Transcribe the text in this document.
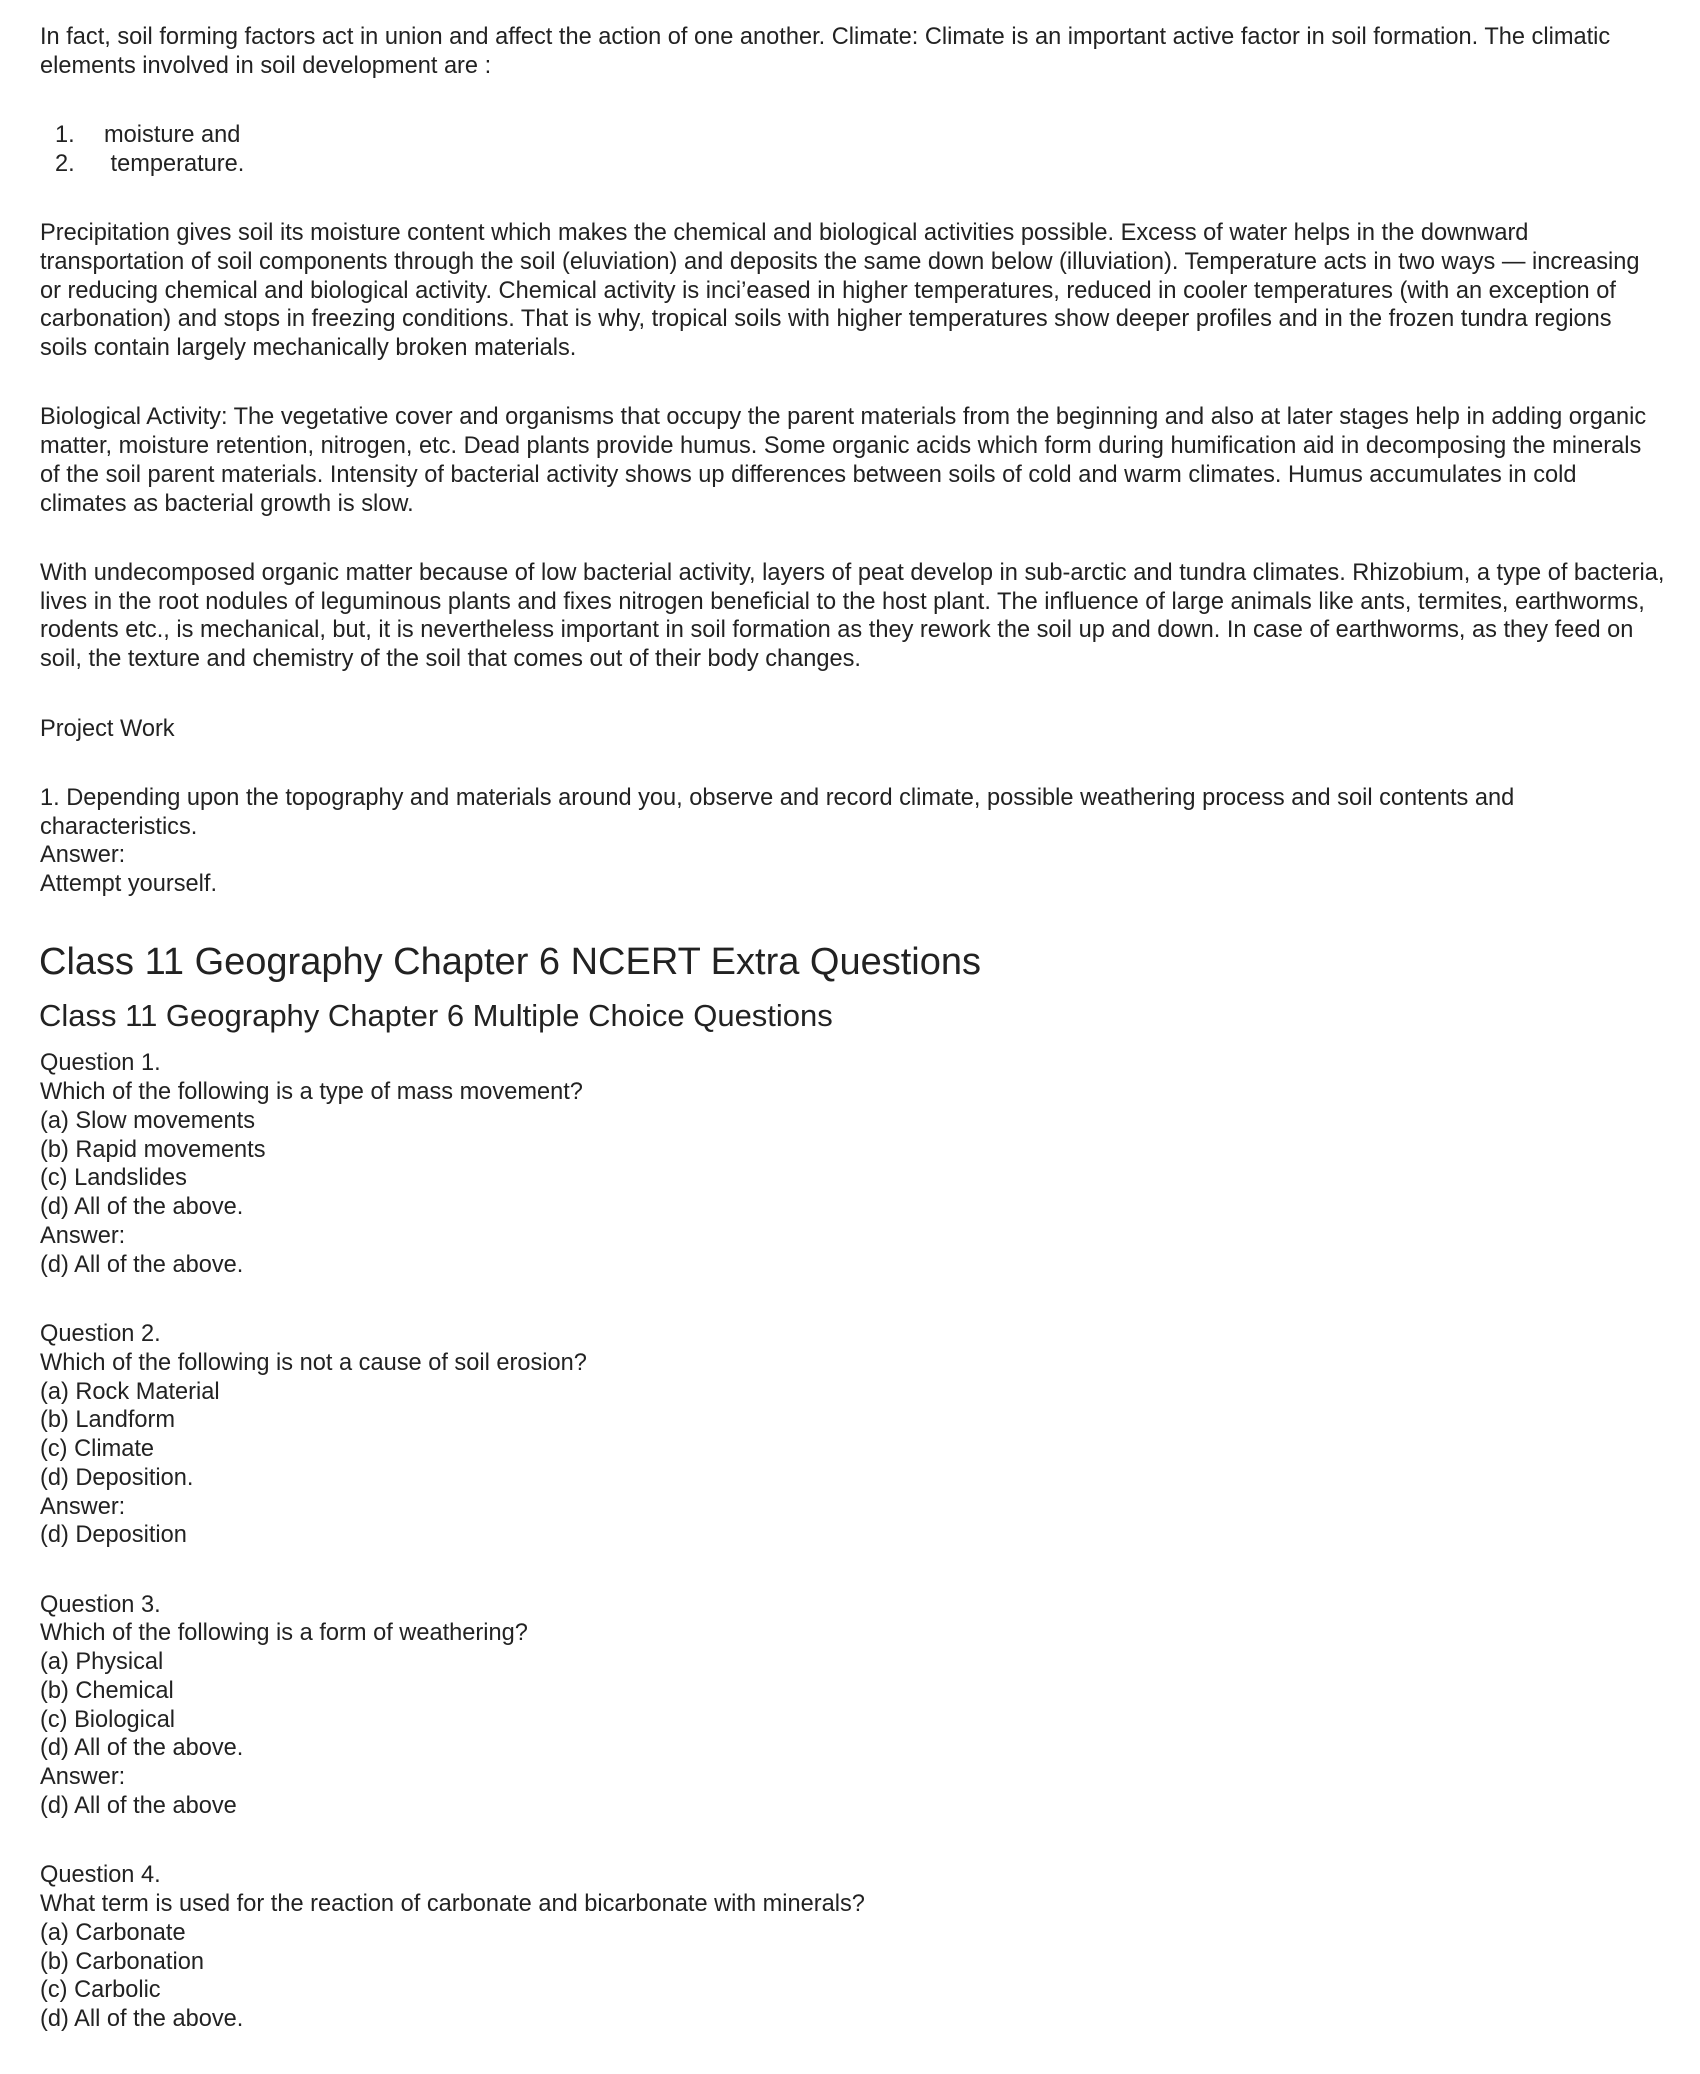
In fact, soil forming factors act in union and affect the action of one another. Climate: Climate is an important active factor in soil formation. The climatic elements involved in soil development are :

1. moisture and
2. temperature.

Precipitation gives soil its moisture content which makes the chemical and biological activities possible. Excess of water helps in the downward transportation of soil components through the soil (eluviation) and deposits the same down below (illuviation). Temperature acts in two ways — increasing or reducing chemical and biological activity. Chemical activity is inci’eased in higher temperatures, reduced in cooler temperatures (with an exception of carbonation) and stops in freezing conditions. That is why, tropical soils with higher temperatures show deeper profiles and in the frozen tundra regions soils contain largely mechanically broken materials.

Biological Activity: The vegetative cover and organisms that occupy the parent materials from the beginning and also at later stages help in adding organic matter, moisture retention, nitrogen, etc. Dead plants provide humus. Some organic acids which form during humification aid in decomposing the minerals of the soil parent materials. Intensity of bacterial activity shows up differences between soils of cold and warm climates. Humus accumulates in cold climates as bacterial growth is slow.

With undecomposed organic matter because of low bacterial activity, layers of peat develop in sub-arctic and tundra climates. Rhizobium, a type of bacteria, lives in the root nodules of leguminous plants and fixes nitrogen beneficial to the host plant. The influence of large animals like ants, termites, earthworms, rodents etc., is mechanical, but, it is nevertheless important in soil formation as they rework the soil up and down. In case of earthworms, as they feed on soil, the texture and chemistry of the soil that comes out of their body changes.

Project Work

1. Depending upon the topography and materials around you, observe and record climate, possible weathering process and soil contents and characteristics.
Answer:
Attempt yourself.
Class 11 Geography Chapter 6 NCERT Extra Questions
Class 11 Geography Chapter 6 Multiple Choice Questions
Question 1.
Which of the following is a type of mass movement?
(a) Slow movements
(b) Rapid movements
(c) Landslides
(d) All of the above.
Answer:
(d) All of the above.
Question 2.
Which of the following is not a cause of soil erosion?
(a) Rock Material
(b) Landform
(c) Climate
(d) Deposition.
Answer:
(d) Deposition
Question 3.
Which of the following is a form of weathering?
(a) Physical
(b) Chemical
(c) Biological
(d) All of the above.
Answer:
(d) All of the above
Question 4.
What term is used for the reaction of carbonate and bicarbonate with minerals?
(a) Carbonate
(b) Carbonation
(c) Carbolic
(d) All of the above.
